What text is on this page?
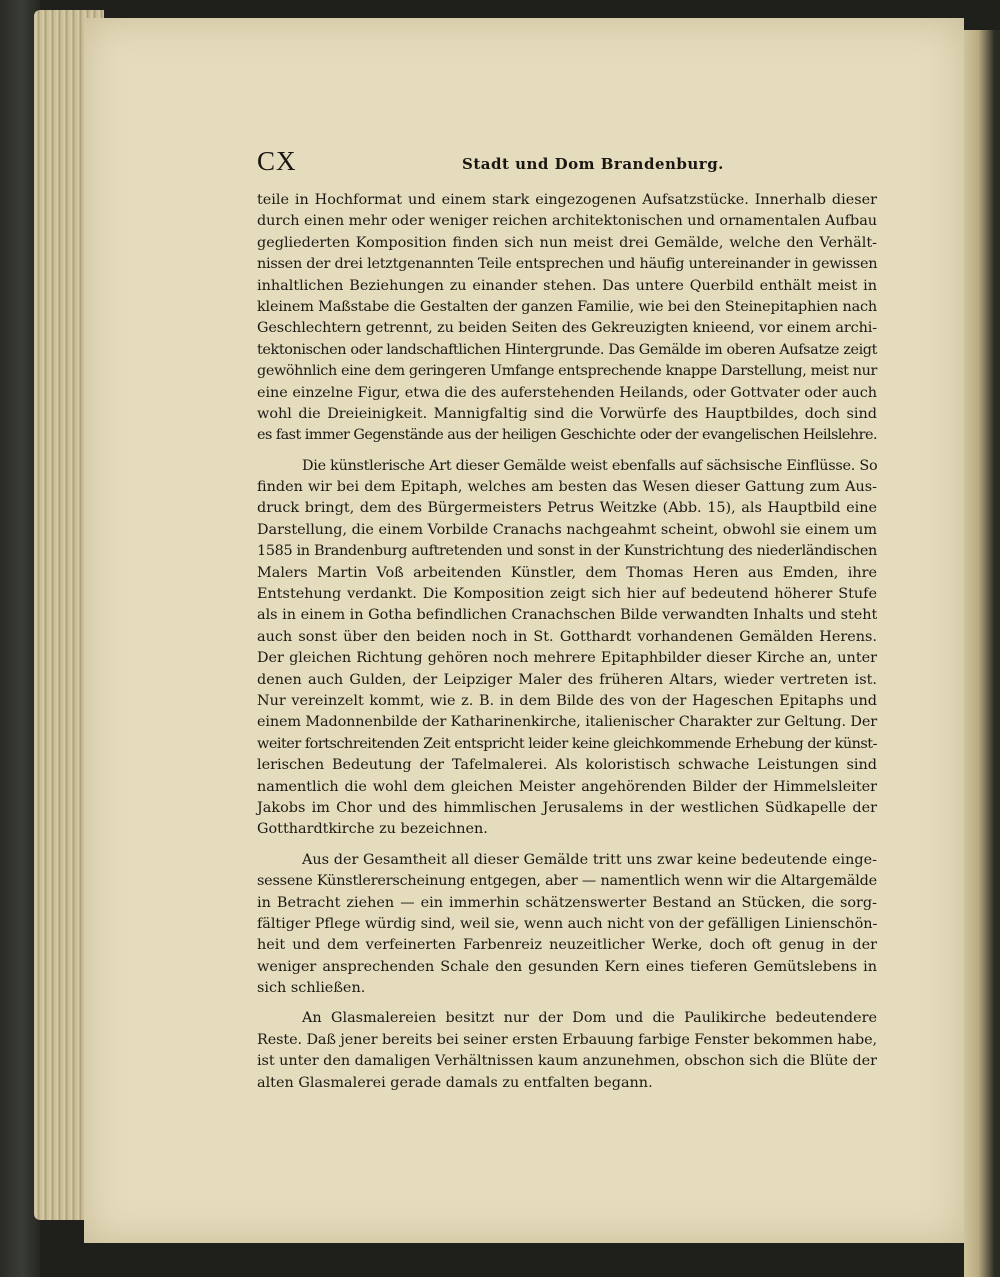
CX	Stadt und Dom Brandenburg.
teile in Hochformat und einem stark eingezogenen Aufsatzstücke. Innerhalb dieser
durch einen mehr oder weniger reichen architektonischen und ornamentalen Aufbau
gegliederten Komposition finden sich nun meist drei Gemälde, welche den Verhält-
nissen der drei letztgenannten Teile entsprechen und häufig untereinander in gewissen
inhaltlichen Beziehungen zu einander stehen. Das untere Querbild enthält meist in
kleinem Maßstabe die Gestalten der ganzen Familie, wie bei den Steinepitaphien nach
Geschlechtern getrennt, zu beiden Seiten des Gekreuzigten knieend, vor einem archi-
tektonischen oder landschaftlichen Hintergrunde. Das Gemälde im oberen Aufsatze zeigt
gewöhnlich eine dem geringeren Umfange entsprechende knappe Darstellung, meist nur
eine einzelne Figur, etwa die des auferstehenden Heilands, oder Gottvater oder auch
wohl die Dreieinigkeit. Mannigfaltig sind die Vorwürfe des Hauptbildes, doch sind
es fast immer Gegenstände aus der heiligen Geschichte oder der evangelischen Heilslehre.
Die künstlerische Art dieser Gemälde weist ebenfalls auf sächsische Einflüsse. So
finden wir bei dem Epitaph, welches am besten das Wesen dieser Gattung zum Aus-
druck bringt, dem des Bürgermeisters Petrus Weitzke (Abb. 15), als Hauptbild eine
Darstellung, die einem Vorbilde Cranachs nachgeahmt scheint, obwohl sie einem um
1585 in Brandenburg auftretenden und sonst in der Kunstrichtung des niederländischen
Malers Martin Voß arbeitenden Künstler, dem Thomas Heren aus Emden, ihre
Entstehung verdankt. Die Komposition zeigt sich hier auf bedeutend höherer Stufe
als in einem in Gotha befindlichen Cranachschen Bilde verwandten Inhalts und steht
auch sonst über den beiden noch in St. Gotthardt vorhandenen Gemälden Herens.
Der gleichen Richtung gehören noch mehrere Epitaphbilder dieser Kirche an, unter
denen auch Gulden, der Leipziger Maler des früheren Altars, wieder vertreten ist.
Nur vereinzelt kommt, wie z. B. in dem Bilde des von der Hageschen Epitaphs und
einem Madonnenbilde der Katharinenkirche, italienischer Charakter zur Geltung. Der
weiter fortschreitenden Zeit entspricht leider keine gleichkommende Erhebung der künst-
lerischen Bedeutung der Tafelmalerei. Als koloristisch schwache Leistungen sind
namentlich die wohl dem gleichen Meister angehörenden Bilder der Himmelsleiter
Jakobs im Chor und des himmlischen Jerusalems in der westlichen Südkapelle der
Gotthardtkirche zu bezeichnen.
Aus der Gesamtheit all dieser Gemälde tritt uns zwar keine bedeutende einge-
sessene Künstlererscheinung entgegen, aber — namentlich wenn wir die Altargemälde
in Betracht ziehen — ein immerhin schätzenswerter Bestand an Stücken, die sorg-
fältiger Pflege würdig sind, weil sie, wenn auch nicht von der gefälligen Linienschön-
heit und dem verfeinerten Farbenreiz neuzeitlicher Werke, doch oft genug in der
weniger ansprechenden Schale den gesunden Kern eines tieferen Gemütslebens in
sich schließen.
An Glasmalereien besitzt nur der Dom und die Paulikirche bedeutendere
Reste. Daß jener bereits bei seiner ersten Erbauung farbige Fenster bekommen habe,
ist unter den damaligen Verhältnissen kaum anzunehmen, obschon sich die Blüte der
alten Glasmalerei gerade damals zu entfalten begann.
